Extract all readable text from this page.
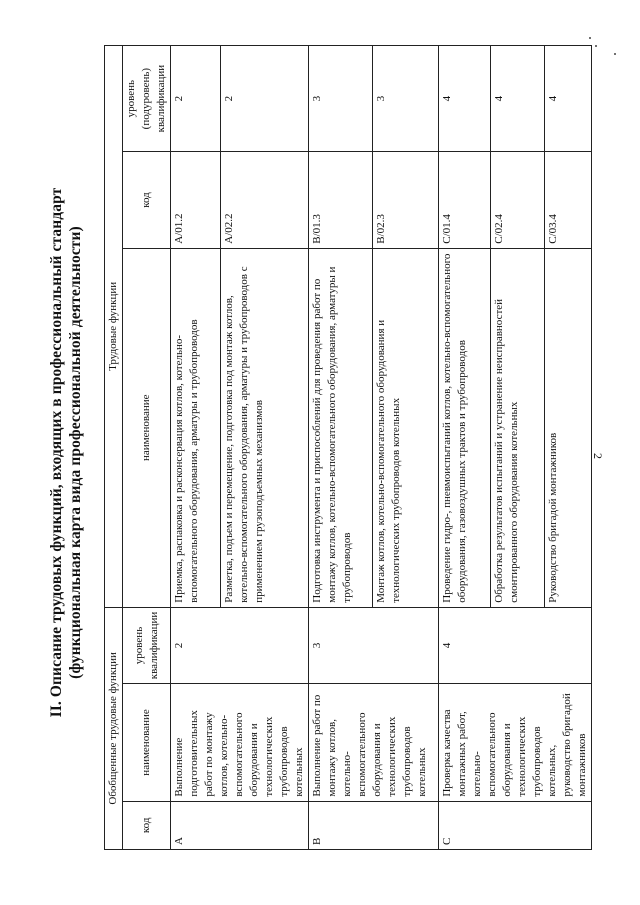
2
II. Описание трудовых функций, входящих в профессиональный стандарт (функциональная карта вида профессиональной деятельности)
Обобщенные трудовые функции			Трудовые функции		
код	наименование	уровень квалификации	наименование	код	уровень (подуровень) квалификации
A	Выполнение подготовительных работ по монтажу котлов, котельно-вспомогательного оборудования и технологических трубопроводов котельных	2	Приемка, распаковка и расконсервация котлов, котельно-вспомогательного оборудования, арматуры и трубопроводов	A/01.2	2
			Разметка, подъем и перемещение, подготовка под монтаж котлов, котельно-вспомогательного оборудования, арматуры и трубопроводов с применением грузоподъемных механизмов	A/02.2	2
B	Выполнение работ по монтажу котлов, котельно-вспомогательного оборудования и технологических трубопроводов котельных	3	Подготовка инструмента и приспособлений для проведения работ по монтажу котлов, котельно-вспомогательного оборудования, арматуры и трубопроводов	B/01.3	3
			Монтаж котлов, котельно-вспомогательного оборудования и технологических трубопроводов котельных	B/02.3	3
C	Проверка качества монтажных работ, котельно-вспомогательного оборудования и технологических трубопроводов котельных, руководство бригадой монтажников	4	Проведение гидро-, пневмоиспытаний котлов, котельно-вспомогательного оборудования, газовоздушных трактов и трубопроводов	C/01.4	4
			Обработка результатов испытаний и устранение неисправностей смонтированного оборудования котельных	C/02.4	4
			Руководство бригадой монтажников	C/03.4	4
